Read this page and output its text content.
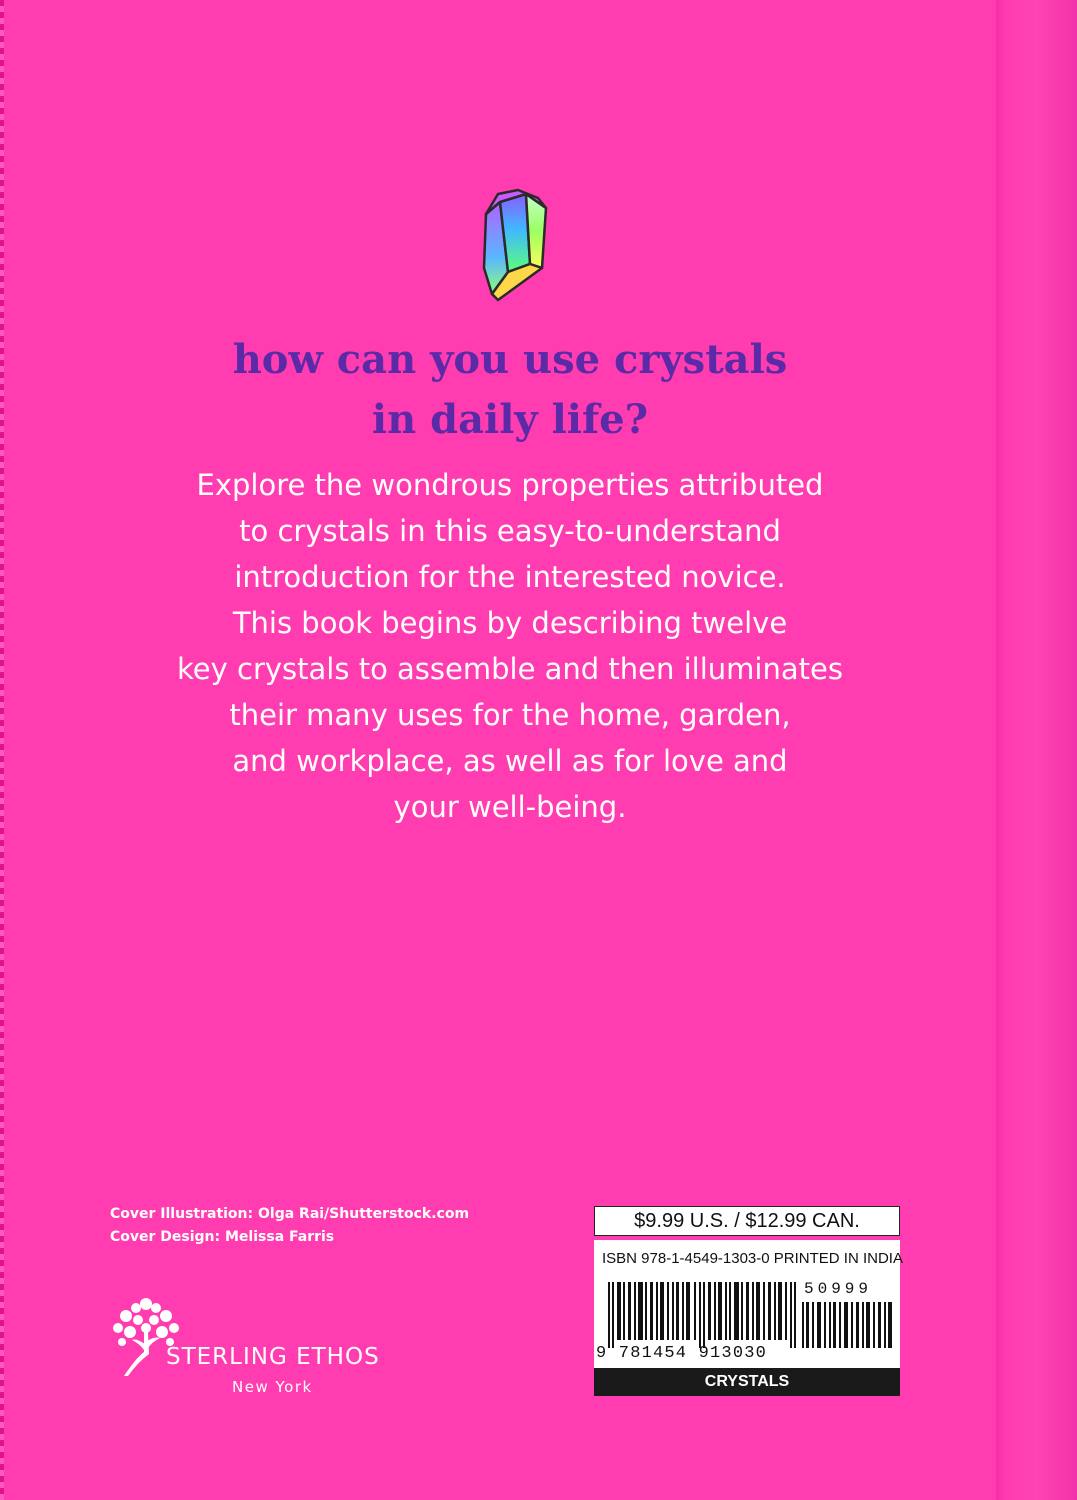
how can you use crystals
in daily life?
Explore the wondrous properties attributed
to crystals in this easy-to-understand
introduction for the interested novice.
This book begins by describing twelve
key crystals to assemble and then illuminates
their many uses for the home, garden,
and workplace, as well as for love and
your well-being.
Cover Illustration: Olga Rai/Shutterstock.com
Cover Design: Melissa Farris
STERLING ETHOS
New York
$9.99 U.S. / $12.99 CAN.
ISBN 978-1-4549-1303-0 PRINTED IN INDIA
50999
9 781454 913030
CRYSTALS
